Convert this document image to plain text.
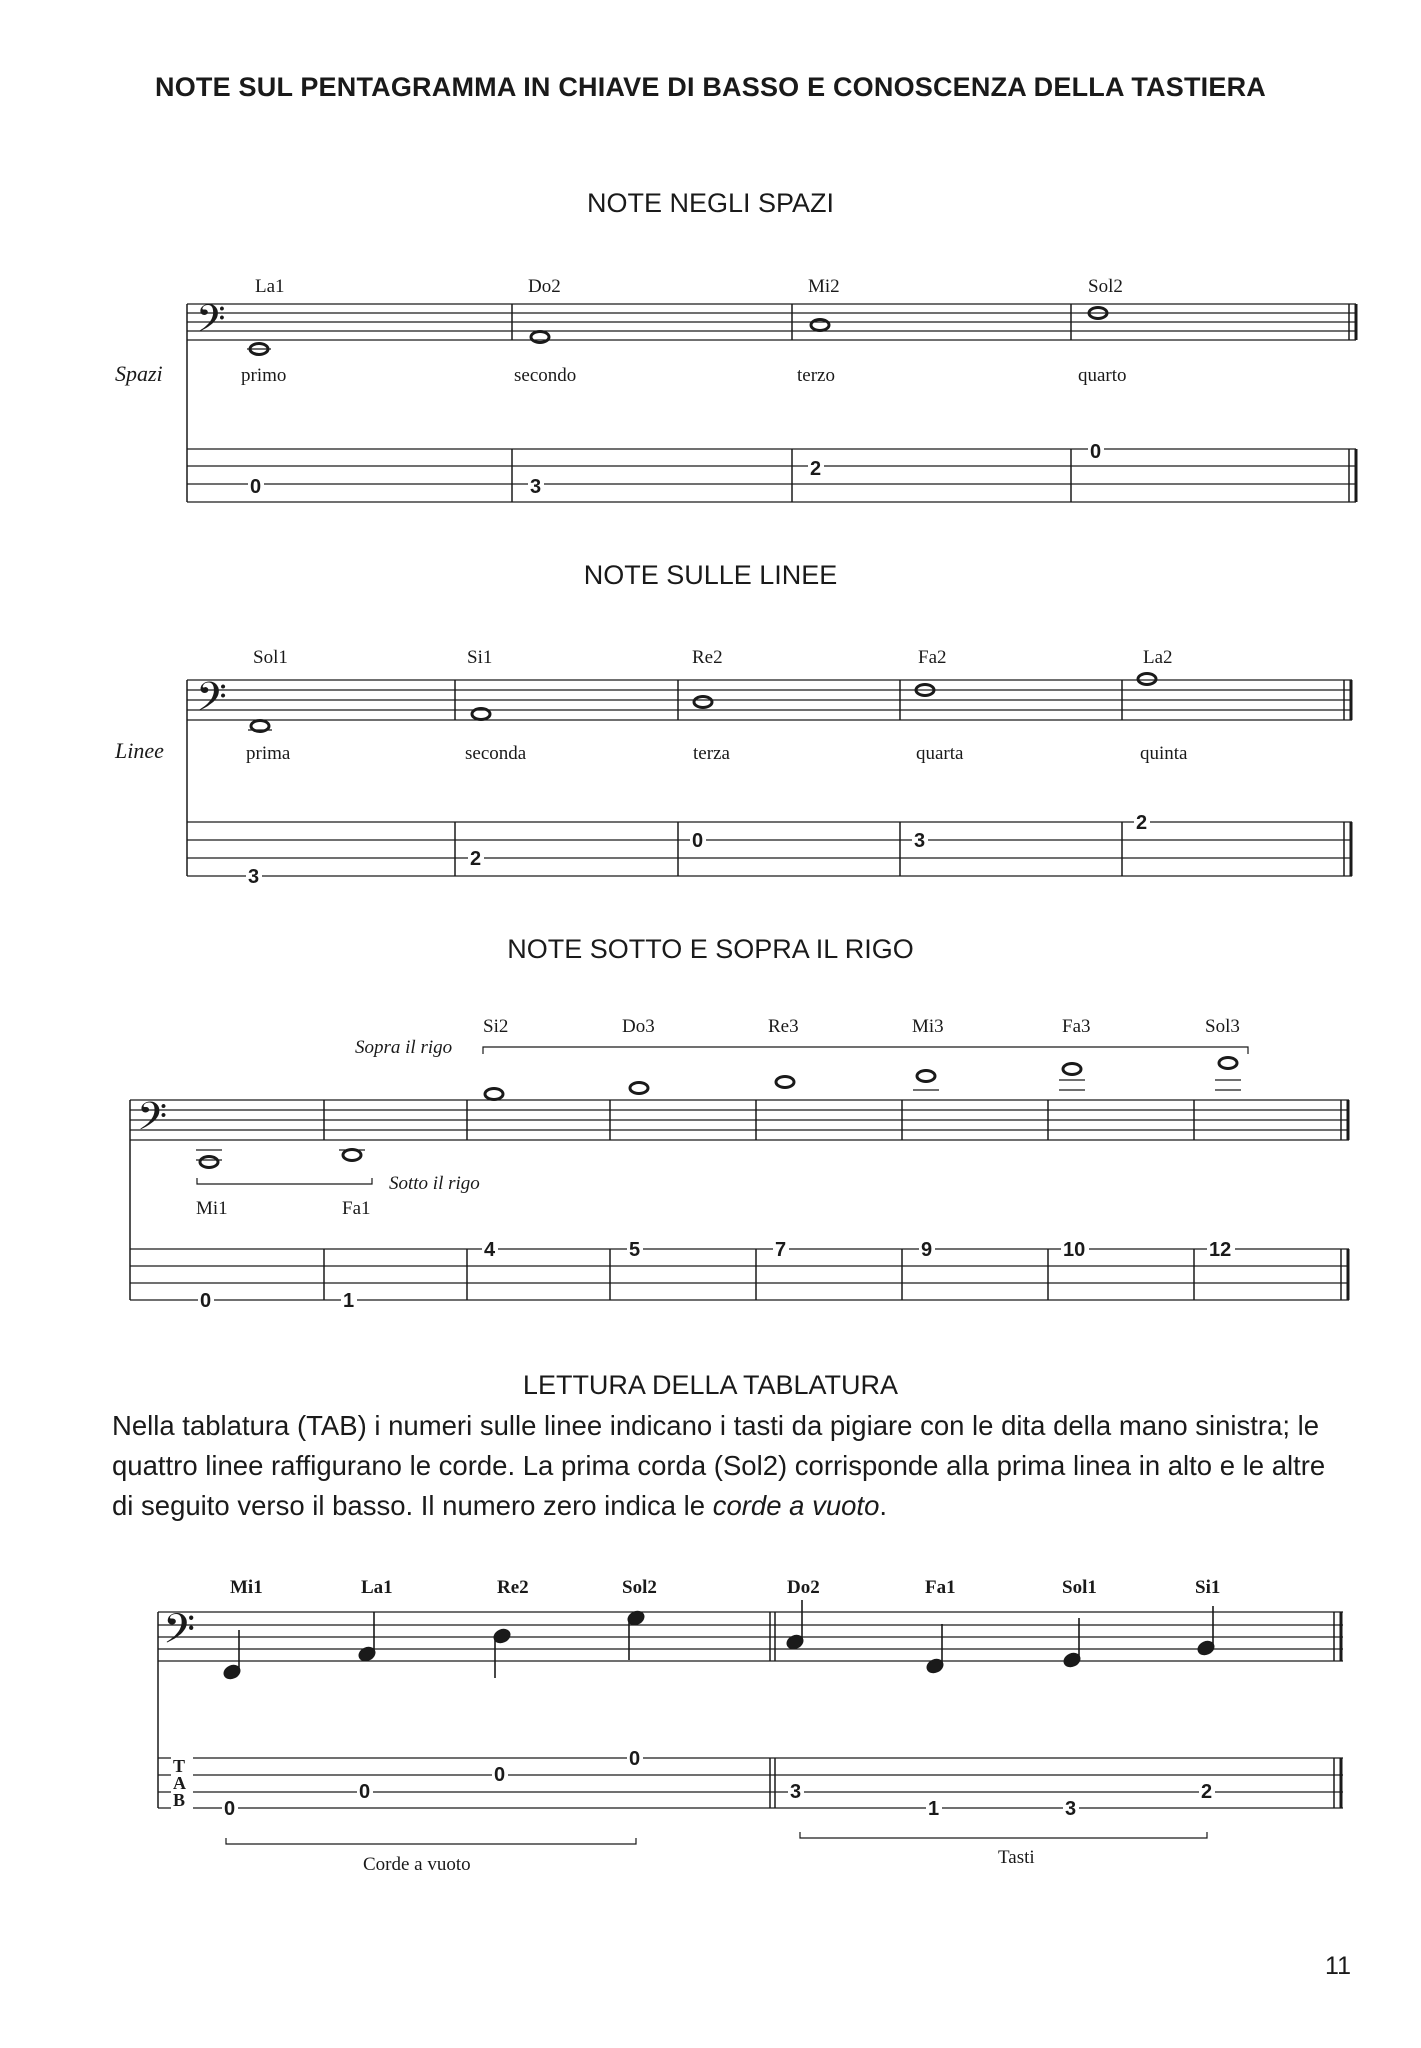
NOTE SUL PENTAGRAMMA IN CHIAVE DI BASSO E CONOSCENZA DELLA TASTIERA
NOTE NEGLI SPAZI
La1	Do2	Mi2	Sol2
Spazi	primo	secondo	terzo	quarto
𝄢
0	3
2
0
Sol1	Si1	Re2	Fa2	La2
Linee	prima	seconda	terza	quarta	quinta
𝄢
3
2
0	3
2
Si2	Do3	Re3	Mi3	Fa3	Sol3
Sopra il rigo
Sotto il rigo
Mi1	Fa1
𝄢
0	1
4	5	7	9	10	12
Mi1	La1	Re2	Sol2	Do2	Fa1	Sol1	Si1
𝄢
T
A
B 0
0
0
0
3
1	3
2
Corde a vuoto	Tasti
NOTE SULLE LINEE
NOTE SOTTO E SOPRA IL RIGO
LETTURA DELLA TABLATURA
Nella tablatura (TAB) i numeri sulle linee indicano i tasti da pigiare con le dita della mano sinistra; le quattro linee raffigurano le corde. La prima corda (Sol2) corrisponde alla prima linea in alto e le altre di seguito verso il basso. Il numero zero indica le corde a vuoto.
11
